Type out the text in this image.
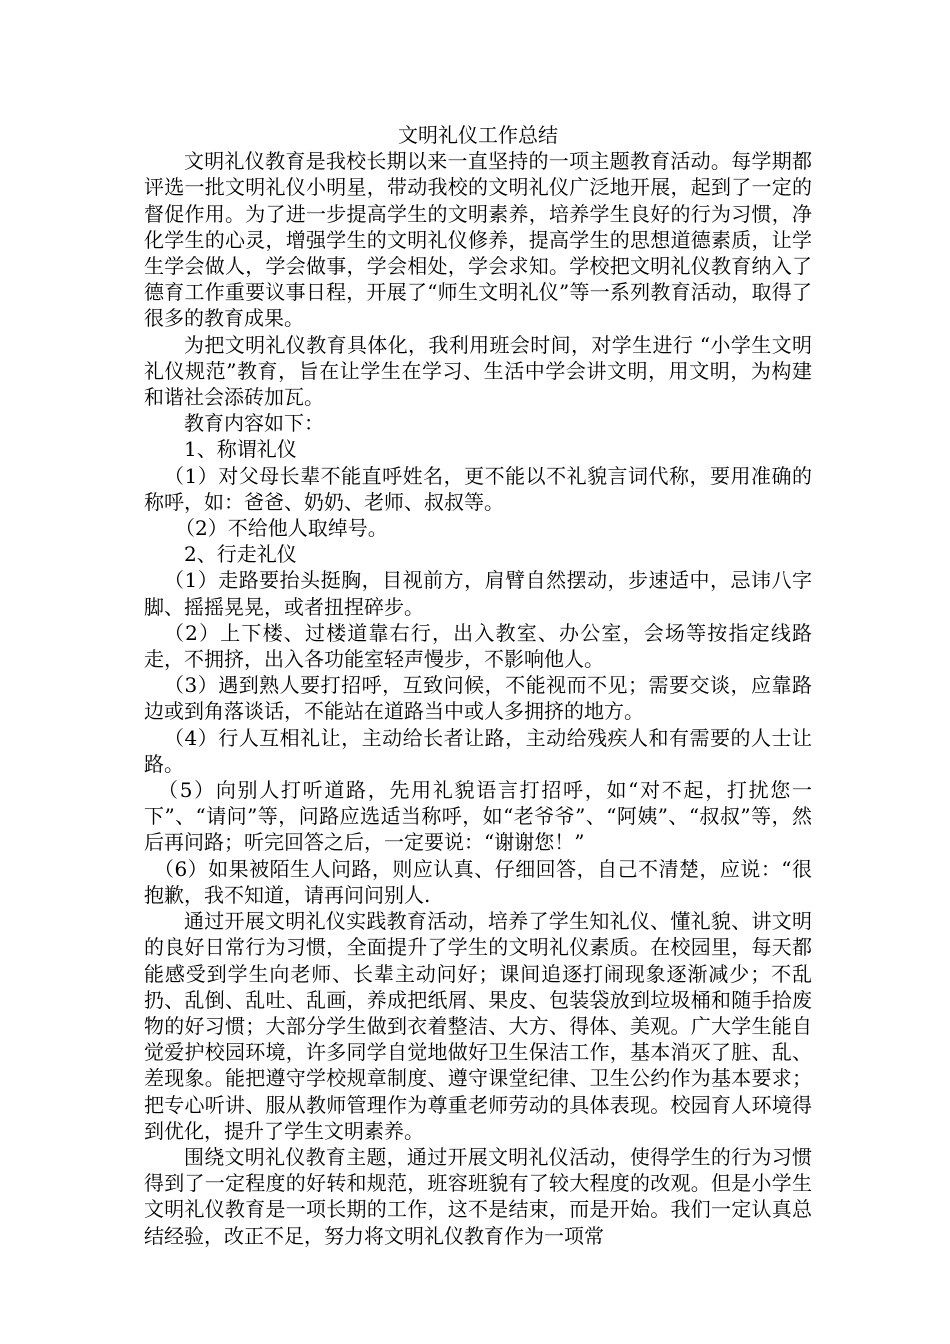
文明礼仪工作总结

文明礼仪教育是我校长期以来一直坚持的一项主题教育活动。每学期都评选一批文明礼仪小明星，带动我校的文明礼仪广泛地开展，起到了一定的督促作用。为了进一步提高学生的文明素养，培养学生良好的行为习惯，净化学生的心灵，增强学生的文明礼仪修养，提高学生的思想道德素质，让学生学会做人，学会做事，学会相处，学会求知。学校把文明礼仪教育纳入了德育工作重要议事日程，开展了“师生文明礼仪”等一系列教育活动，取得了很多的教育成果。

为把文明礼仪教育具体化，我利用班会时间，对学生进行 “小学生文明礼仪规范”教育，旨在让学生在学习、生活中学会讲文明，用文明，为构建和谐社会添砖加瓦。

教育内容如下：

1、称谓礼仪

（1）对父母长辈不能直呼姓名，更不能以不礼貌言词代称，要用准确的称呼，如：爸爸、奶奶、老师、叔叔等。

（2）不给他人取绰号。

2、行走礼仪

（1）走路要抬头挺胸，目视前方，肩臂自然摆动，步速适中，忌讳八字脚、摇摇晃晃，或者扭捏碎步。

（2）上下楼、过楼道靠右行，出入教室、办公室，会场等按指定线路走，不拥挤，出入各功能室轻声慢步，不影响他人。

（3）遇到熟人要打招呼，互致问候，不能视而不见；需要交谈，应靠路边或到角落谈话，不能站在道路当中或人多拥挤的地方。

（4）行人互相礼让，主动给长者让路，主动给残疾人和有需要的人士让路。

（5）向别人打听道路，先用礼貌语言打招呼，如“对不起，打扰您一下”、“请问”等，问路应选适当称呼，如“老爷爷”、“阿姨”、“叔叔”等，然后再问路；听完回答之后，一定要说：“谢谢您！”

（6）如果被陌生人问路，则应认真、仔细回答，自己不清楚，应说：“很抱歉，我不知道，请再问问别人.

通过开展文明礼仪实践教育活动，培养了学生知礼仪、懂礼貌、讲文明的良好日常行为习惯，全面提升了学生的文明礼仪素质。在校园里，每天都能感受到学生向老师、长辈主动问好；课间追逐打闹现象逐渐减少；不乱扔、乱倒、乱吐、乱画，养成把纸屑、果皮、包装袋放到垃圾桶和随手拾废物的好习惯；大部分学生做到衣着整洁、大方、得体、美观。广大学生能自觉爱护校园环境，许多同学自觉地做好卫生保洁工作，基本消灭了脏、乱、差现象。能把遵守学校规章制度、遵守课堂纪律、卫生公约作为基本要求；把专心听讲、服从教师管理作为尊重老师劳动的具体表现。校园育人环境得到优化，提升了学生文明素养。

围绕文明礼仪教育主题，通过开展文明礼仪活动，使得学生的行为习惯得到了一定程度的好转和规范，班容班貌有了较大程度的改观。但是小学生文明礼仪教育是一项长期的工作，这不是结束，而是开始。我们一定认真总结经验，改正不足，努力将文明礼仪教育作为一项常
